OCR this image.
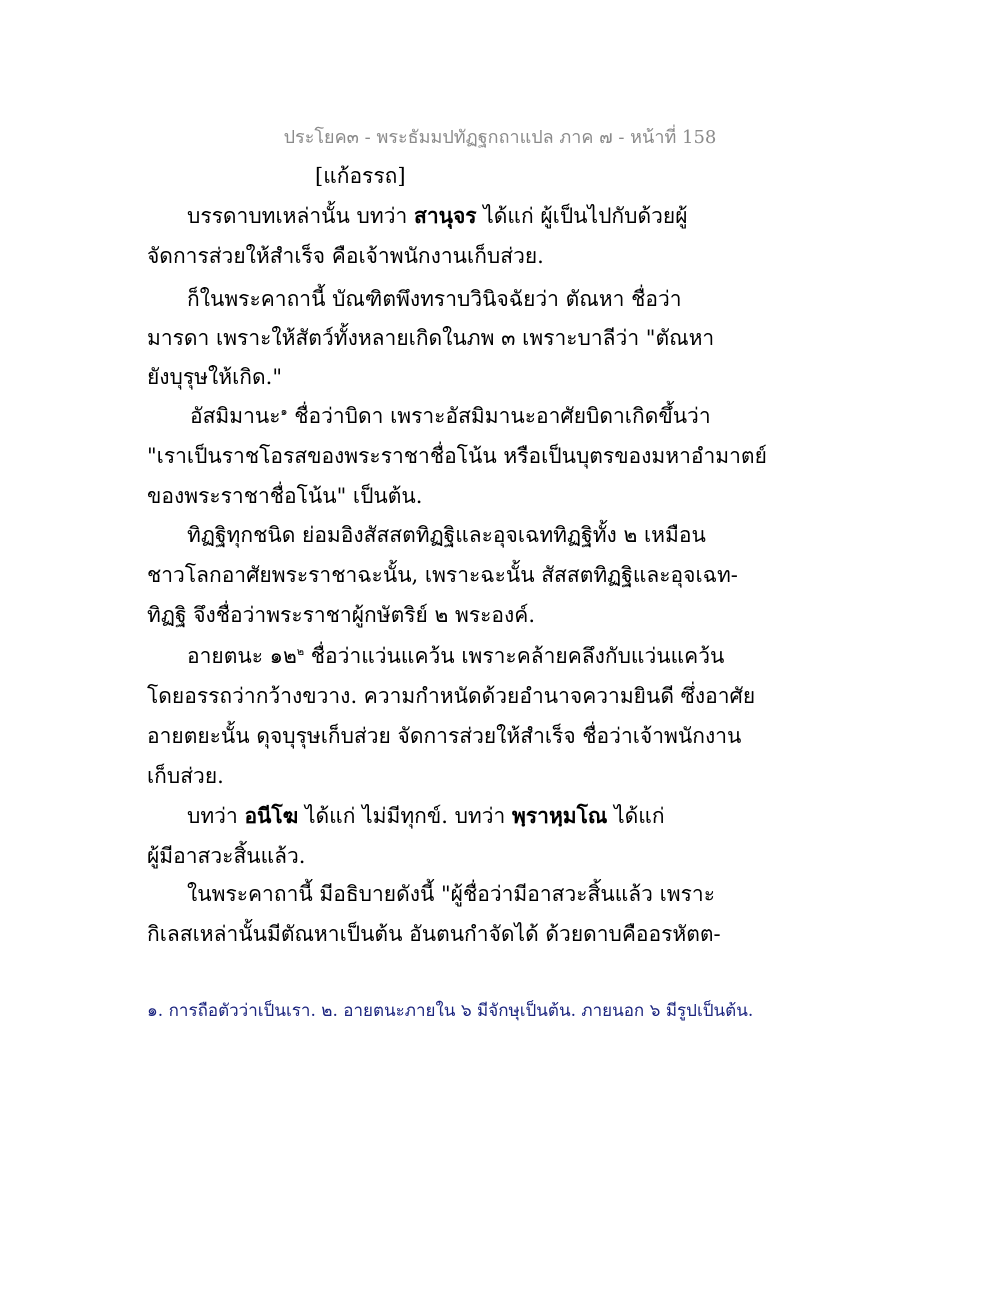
ประโยค๓ - พระธัมมปทัฏฐกถาแปล ภาค ๗ - หน้าที่ 158
[แก้อรรถ]
บรรดาบทเหล่านั้น บทว่า สานุจร ได้แก่ ผู้เป็นไปกับด้วยผู้
จัดการส่วยให้สำเร็จ คือเจ้าพนักงานเก็บส่วย.
ก็ในพระคาถานี้ บัณฑิตพึงทราบวินิจฉัยว่า ตัณหา ชื่อว่า
มารดา เพราะให้สัตว์ทั้งหลายเกิดในภพ ๓ เพราะบาลีว่า "ตัณหา
ยังบุรุษให้เกิด."
อัสมิมานะ$^๑$ ชื่อว่าบิดา เพราะอัสมิมานะอาศัยบิดาเกิดขึ้นว่า
"เราเป็นราชโอรสของพระราชาชื่อโน้น หรือเป็นบุตรของมหาอำมาตย์
ของพระราชาชื่อโน้น" เป็นต้น.
ทิฏฐิทุกชนิด ย่อมอิงสัสสตทิฏฐิและอุจเฉททิฏฐิทั้ง ๒ เหมือน
ชาวโลกอาศัยพระราชาฉะนั้น, เพราะฉะนั้น สัสสตทิฏฐิและอุจเฉท-
ทิฏฐิ จึงชื่อว่าพระราชาผู้กษัตริย์ ๒ พระองค์.
อายตนะ ๑๒$^๒$ ชื่อว่าแว่นแคว้น เพราะคล้ายคลึงกับแว่นแคว้น
โดยอรรถว่ากว้างขวาง. ความกำหนัดด้วยอำนาจความยินดี ซึ่งอาศัย
อายตยะนั้น ดุจบุรุษเก็บส่วย จัดการส่วยให้สำเร็จ ชื่อว่าเจ้าพนักงาน
เก็บส่วย.
บทว่า อนีโฆ ได้แก่ ไม่มีทุกข์. บทว่า พฺราหฺมโณ ได้แก่
ผู้มีอาสวะสิ้นแล้ว.
ในพระคาถานี้ มีอธิบายดังนี้ "ผู้ชื่อว่ามีอาสวะสิ้นแล้ว เพราะ
กิเลสเหล่านั้นมีตัณหาเป็นต้น อันตนกำจัดได้ ด้วยดาบคืออรหัตต-
๑. การถือตัวว่าเป็นเรา. ๒. อายตนะภายใน ๖ มีจักษุเป็นต้น. ภายนอก ๖ มีรูปเป็นต้น.
